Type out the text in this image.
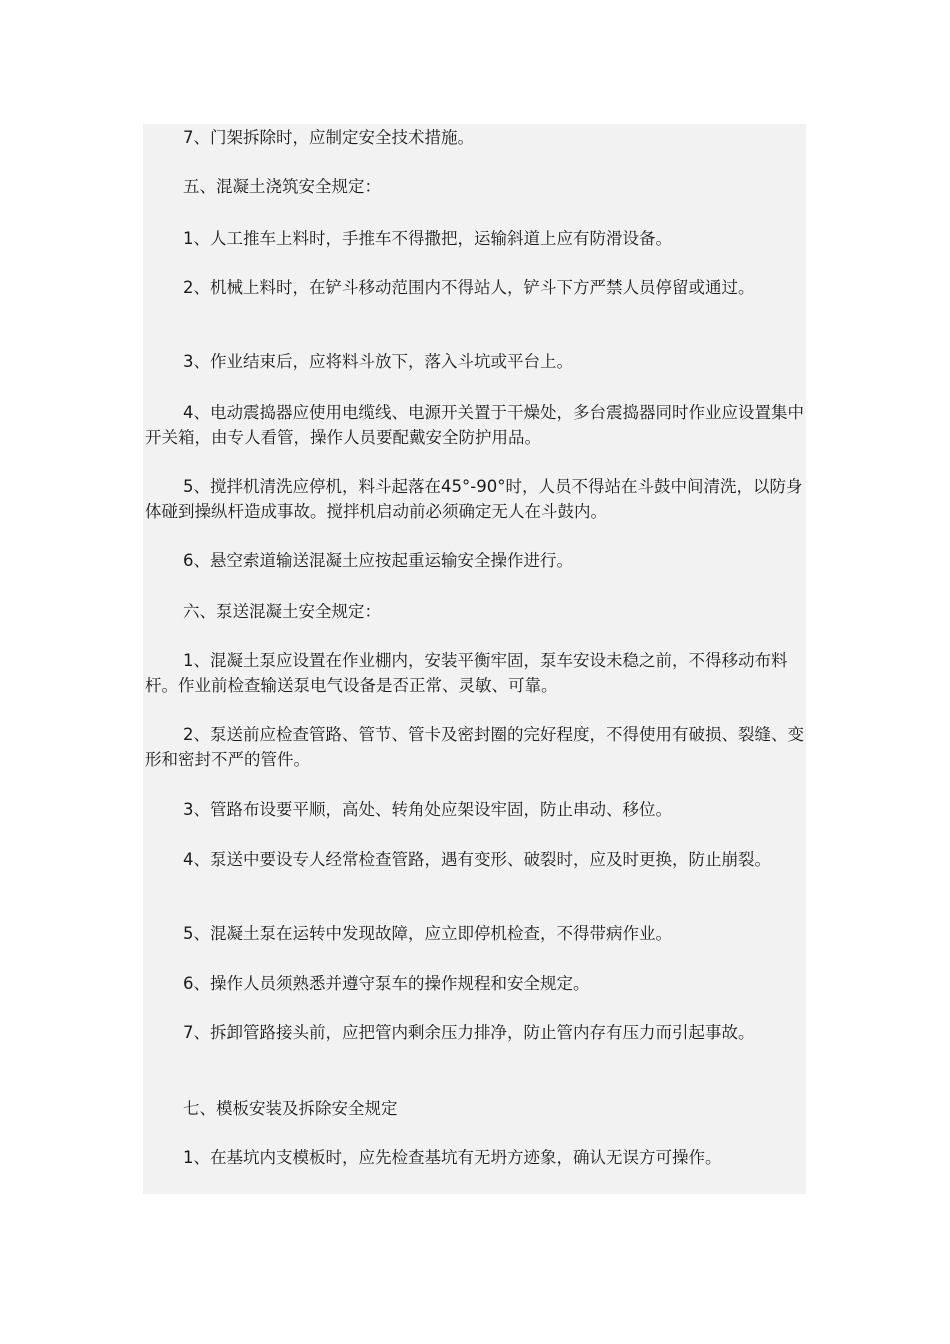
7、门架拆除时，应制定安全技术措施。

五、混凝土浇筑安全规定：

1、人工推车上料时，手推车不得撒把，运输斜道上应有防滑设备。

2、机械上料时，在铲斗移动范围内不得站人，铲斗下方严禁人员停留或通过。

3、作业结束后，应将料斗放下，落入斗坑或平台上。

4、电动震捣器应使用电缆线、电源开关置于干燥处，多台震捣器同时作业应设置集中开关箱，由专人看管，操作人员要配戴安全防护用品。

5、搅拌机清洗应停机，料斗起落在45°-90°时，人员不得站在斗鼓中间清洗，以防身体碰到操纵杆造成事故。搅拌机启动前必须确定无人在斗鼓内。

6、悬空索道输送混凝土应按起重运输安全操作进行。

六、泵送混凝土安全规定：

1、混凝土泵应设置在作业棚内，安装平衡牢固，泵车安设未稳之前，不得移动布料杆。作业前检查输送泵电气设备是否正常、灵敏、可靠。

2、泵送前应检查管路、管节、管卡及密封圈的完好程度，不得使用有破损、裂缝、变形和密封不严的管件。

3、管路布设要平顺，高处、转角处应架设牢固，防止串动、移位。

4、泵送中要设专人经常检查管路，遇有变形、破裂时，应及时更换，防止崩裂。

5、混凝土泵在运转中发现故障，应立即停机检查，不得带病作业。

6、操作人员须熟悉并遵守泵车的操作规程和安全规定。

7、拆卸管路接头前，应把管内剩余压力排净，防止管内存有压力而引起事故。

七、模板安装及拆除安全规定

1、在基坑内支模板时，应先检查基坑有无坍方迹象，确认无误方可操作。
